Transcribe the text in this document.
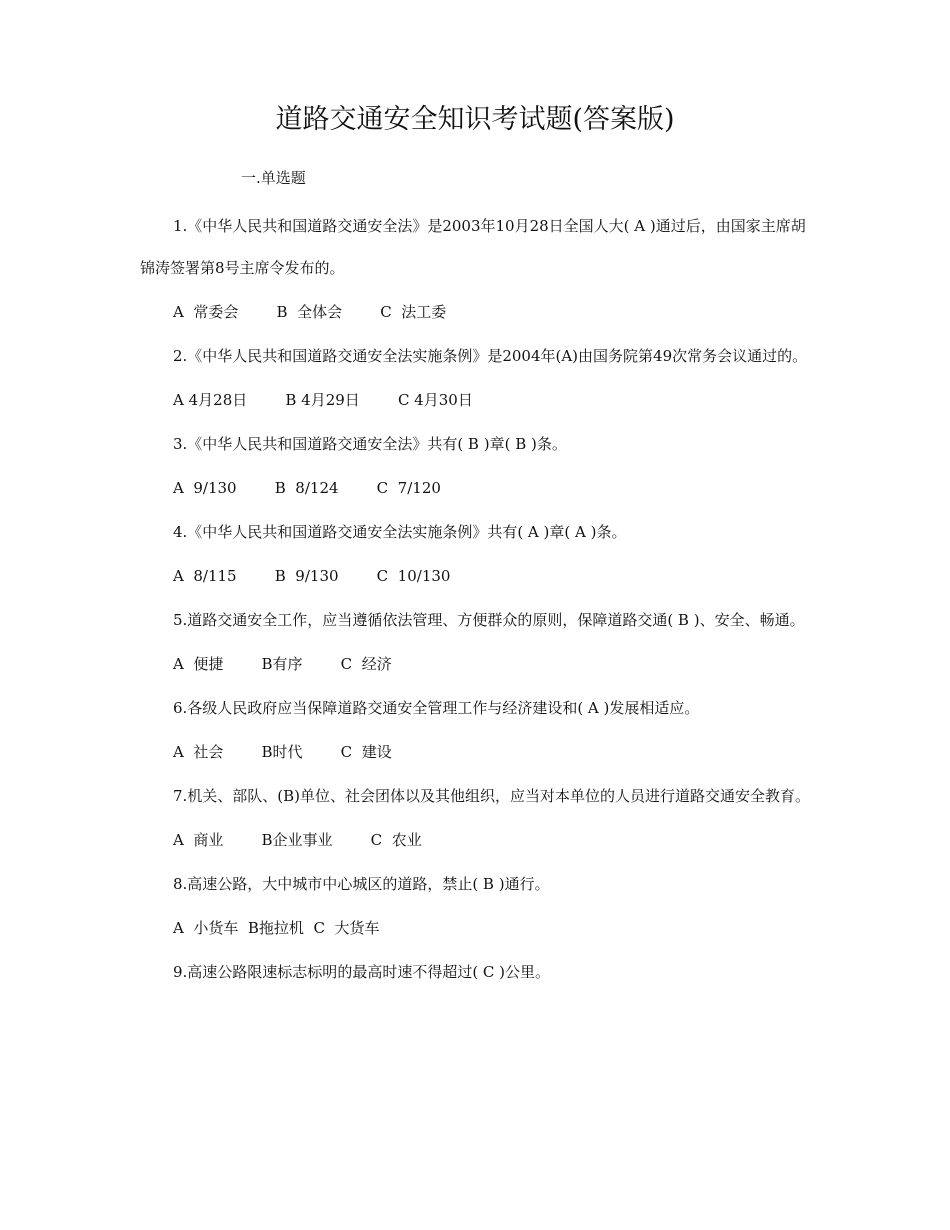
道路交通安全知识考试题(答案版)

一.单选题

1.《中华人民共和国道路交通安全法》是2003年10月28日全国人大( A )通过后，由国家主席胡锦涛签署第8号主席令发布的。

A  常委会        B  全体会        C  法工委

2.《中华人民共和国道路交通安全法实施条例》是2004年(A)由国务院第49次常务会议通过的。

A 4月28日        B 4月29日        C 4月30日

3.《中华人民共和国道路交通安全法》共有( B )章( B )条。

A  9/130        B  8/124        C  7/120

4.《中华人民共和国道路交通安全法实施条例》共有( A )章( A )条。

A  8/115        B  9/130        C  10/130

5.道路交通安全工作，应当遵循依法管理、方便群众的原则，保障道路交通( B )、安全、畅通。

A  便捷        B有序        C  经济

6.各级人民政府应当保障道路交通安全管理工作与经济建设和( A )发展相适应。

A  社会        B时代        C  建设

7.机关、部队、(B)单位、社会团体以及其他组织，应当对本单位的人员进行道路交通安全教育。

A  商业        B企业事业        C  农业

8.高速公路，大中城市中心城区的道路，禁止( B )通行。

A  小货车  B拖拉机  C  大货车

9.高速公路限速标志标明的最高时速不得超过( C )公里。
